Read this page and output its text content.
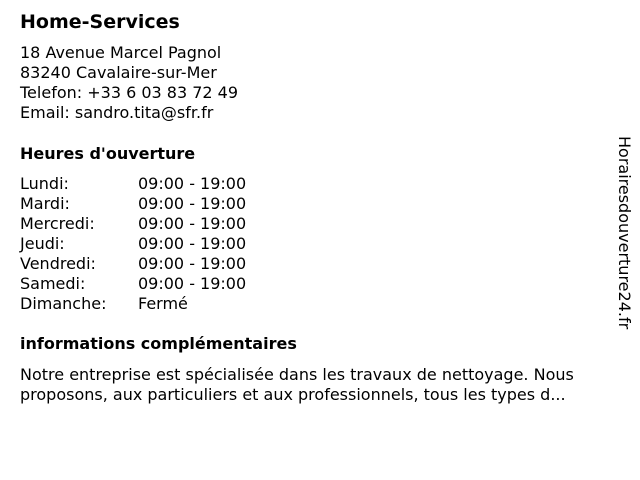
Home-Services
18 Avenue Marcel Pagnol
83240 Cavalaire-sur-Mer
Telefon: +33 6 03 83 72 49
Email: sandro.tita@sfr.fr
Heures d'ouverture
Lundi:	09:00 - 19:00
Mardi:	09:00 - 19:00
Mercredi:	09:00 - 19:00
Jeudi:	09:00 - 19:00
Vendredi:	09:00 - 19:00
Samedi:	09:00 - 19:00
Dimanche:	Fermé
informations complémentaires
Notre entreprise est spécialisée dans les travaux de nettoyage. Nous
proposons, aux particuliers et aux professionnels, tous les types d...
Horairesdouverture24.fr
